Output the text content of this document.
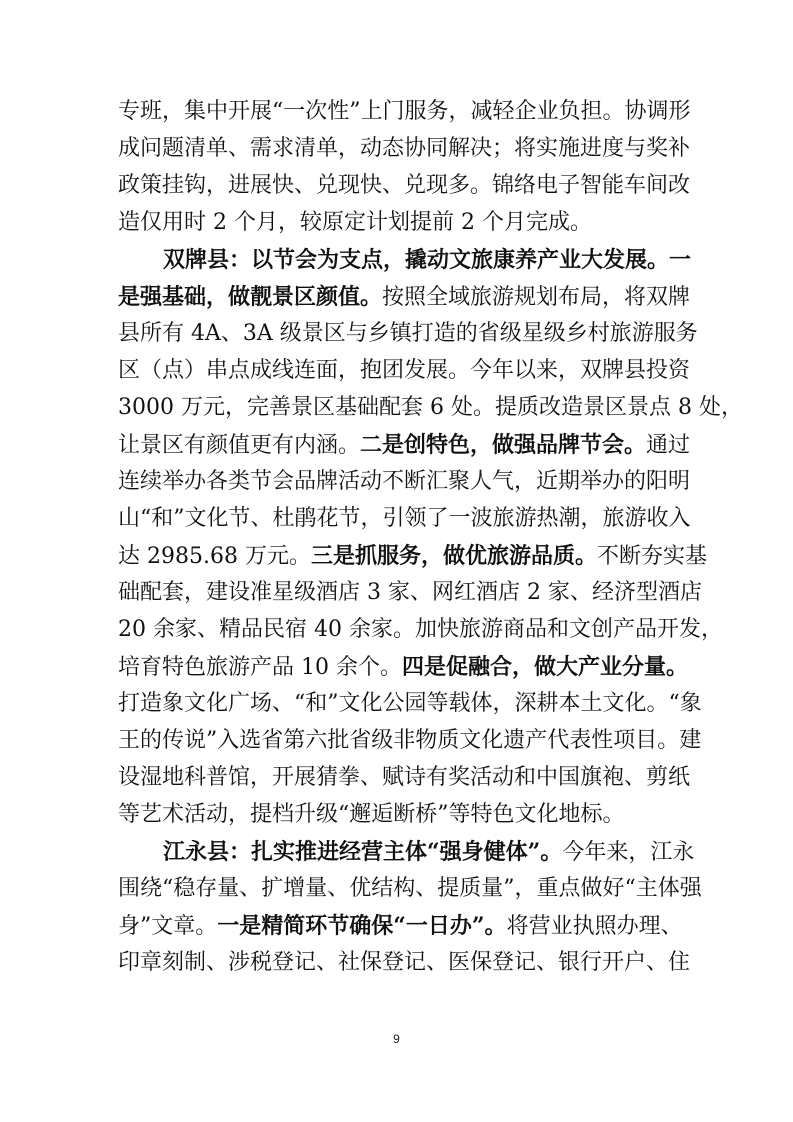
专班，集中开展“一次性”上门服务，减轻企业负担。协调形
成问题清单、需求清单，动态协同解决；将实施进度与奖补
政策挂钩，进展快、兑现快、兑现多。锦络电子智能车间改
造仅用时 2 个月，较原定计划提前 2 个月完成。
双牌县：以节会为支点，撬动文旅康养产业大发展。一
是强基础，做靓景区颜值。按照全域旅游规划布局，将双牌
县所有 4A、3A 级景区与乡镇打造的省级星级乡村旅游服务
区（点）串点成线连面，抱团发展。今年以来，双牌县投资
3000 万元，完善景区基础配套 6 处。提质改造景区景点 8 处，
让景区有颜值更有内涵。二是创特色，做强品牌节会。通过
连续举办各类节会品牌活动不断汇聚人气，近期举办的阳明
山“和”文化节、杜鹃花节，引领了一波旅游热潮，旅游收入
达 2985.68 万元。三是抓服务，做优旅游品质。不断夯实基
础配套，建设准星级酒店 3 家、网红酒店 2 家、经济型酒店
20 余家、精品民宿 40 余家。加快旅游商品和文创产品开发，
培育特色旅游产品 10 余个。四是促融合，做大产业分量。
打造象文化广场、“和”文化公园等载体，深耕本土文化。“象
王的传说”入选省第六批省级非物质文化遗产代表性项目。建
设湿地科普馆，开展猜拳、赋诗有奖活动和中国旗袍、剪纸
等艺术活动，提档升级“邂逅断桥”等特色文化地标。
江永县：扎实推进经营主体“强身健体”。今年来，江永
9
围绕“稳存量、扩增量、优结构、提质量”，重点做好“主体强
身”文章。一是精简环节确保“一日办”。将营业执照办理、
印章刻制、涉税登记、社保登记、医保登记、银行开户、住
